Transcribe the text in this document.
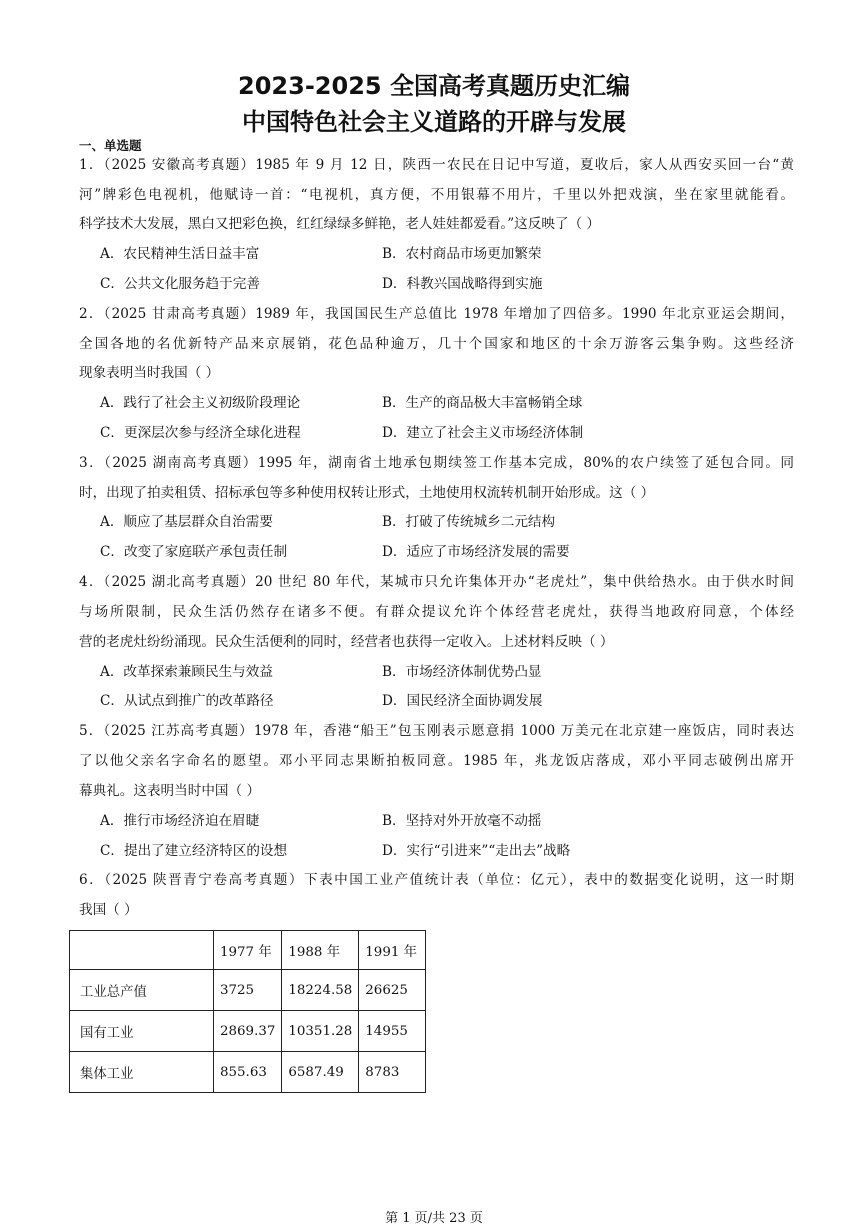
2023-2025 全国高考真题历史汇编
中国特色社会主义道路的开辟与发展
一、单选题
1．（2025 安徽高考真题）1985 年 9 月 12 日，陕西一农民在日记中写道，夏收后，家人从西安买回一台“黄
河”牌彩色电视机，他赋诗一首：“电视机，真方便，不用银幕不用片，千里以外把戏演，坐在家里就能看。
科学技术大发展，黑白又把彩色换，红红绿绿多鲜艳，老人娃娃都爱看。”这反映了（ ）
A．农民精神生活日益丰富	B．农村商品市场更加繁荣
C．公共文化服务趋于完善	D．科教兴国战略得到实施
2．（2025 甘肃高考真题）1989 年，我国国民生产总值比 1978 年增加了四倍多。1990 年北京亚运会期间，
全国各地的名优新特产品来京展销，花色品种逾万，几十个国家和地区的十余万游客云集争购。这些经济
现象表明当时我国（ ）
A．践行了社会主义初级阶段理论	B．生产的商品极大丰富畅销全球
C．更深层次参与经济全球化进程	D．建立了社会主义市场经济体制
3．（2025 湖南高考真题）1995 年，湖南省土地承包期续签工作基本完成，80%的农户续签了延包合同。同
时，出现了拍卖租赁、招标承包等多种使用权转让形式，土地使用权流转机制开始形成。这（ ）
A．顺应了基层群众自治需要	B．打破了传统城乡二元结构
C．改变了家庭联产承包责任制	D．适应了市场经济发展的需要
4．（2025 湖北高考真题）20 世纪 80 年代，某城市只允许集体开办“老虎灶”，集中供给热水。由于供水时间
与场所限制，民众生活仍然存在诸多不便。有群众提议允许个体经营老虎灶，获得当地政府同意，个体经
营的老虎灶纷纷涌现。民众生活便利的同时，经营者也获得一定收入。上述材料反映（ ）
A．改革探索兼顾民生与效益	B．市场经济体制优势凸显
C．从试点到推广的改革路径	D．国民经济全面协调发展
5．（2025 江苏高考真题）1978 年，香港“船王”包玉刚表示愿意捐 1000 万美元在北京建一座饭店，同时表达
了以他父亲名字命名的愿望。邓小平同志果断拍板同意。1985 年，兆龙饭店落成，邓小平同志破例出席开
幕典礼。这表明当时中国（ ）
A．推行市场经济迫在眉睫	B．坚持对外开放毫不动摇
C．提出了建立经济特区的设想	D．实行“引进来”“走出去”战略
6．（2025 陕晋青宁卷高考真题）下表中国工业产值统计表（单位：亿元），表中的数据变化说明，这一时期
我国（ ）
	1977 年	1988 年	1991 年
工业总产值	3725	18224.58	26625
国有工业	2869.37	10351.28	14955
集体工业	855.63	6587.49	8783
第 1 页/共 23 页
